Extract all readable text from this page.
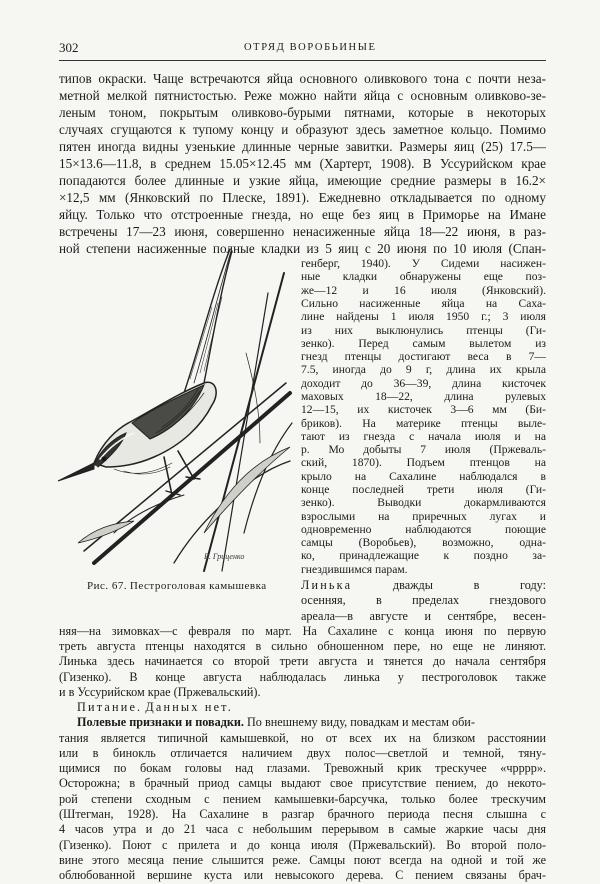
302	ОТРЯД ВОРОБЬИНЫЕ
типов окраски. Чаще встречаются яйца основного оливкового тона с почти неза-
метной мелкой пятнистостью. Реже можно найти яйца с основным оливково-зе-
леным тоном, покрытым оливково-бурыми пятнами, которые в некоторых
случаях сгущаются к тупому концу и образуют здесь заметное кольцо. Помимо
пятен иногда видны узенькие длинные черные завитки. Размеры яиц (25) 17.5—
15×13.6—11.8, в среднем 15.05×12.45 мм (Хартерт, 1908). В Уссурийском крае
попадаются более длинные и узкие яйца, имеющие средние размеры в 16.2×
×12,5 мм (Янковский по Плеске, 1891). Ежедневно откладывается по одному
яйцу. Только что отстроенные гнезда, но еще без яиц в Приморье на Имане
встречены 17—23 июня, совершенно ненасиженные яйца 18—22 июня, в раз-
ной степени насиженные полные кладки из 5 яиц с 20 июня по 10 июля (Спан-
генберг, 1940). У Сидеми насижен-
ные кладки обнаружены еще поз-
же—12 и 16 июля (Янковский).
Сильно насиженные яйца на Саха-
лине найдены 1 июля 1950 г.; 3 июля
из них выклюнулись птенцы (Ги-
зенко). Перед самым вылетом из
гнезд птенцы достигают веса в 7—
7.5, иногда до 9 г, длина их крыла
доходит до 36—39, длина кисточек
маховых 18—22, длина рулевых
12—15, их кисточек 3—6 мм (Би-
бриков). На материке птенцы выле-
тают из гнезда с начала июля и на
р. Мо добыты 7 июля (Пржеваль-
ский, 1870). Подъем птенцов на
крыло на Сахалине наблюдался в
конце последней трети июля (Ги-
зенко). Выводки докармливаются
взрослыми на приречных лугах и
одновременно наблюдаются поющие
самцы (Воробьев), возможно, одна-
ко, принадлежащие к поздно за-
гнездившимся парам.
В. Гриценко
Рис. 67. Пестроголовая камышевка	Линька	дважды в году:
осенняя, в пределах гнездового
ареала—в августе и сентябре, весен-
няя—на зимовках—с февраля по март. На Сахалине с конца июня по первую
треть августа птенцы находятся в сильно обношенном пере, но еще не линяют.
Линька здесь начинается со второй трети августа и тянется до начала сентября
(Гизенко). В конце августа наблюдалась линька у пестроголовок также
и в Уссурийском крае (Пржевальский).
Питание. Данных нет.
Полевые признаки и повадки. По внешнему виду, повадкам и местам оби-
тания является типичной камышевкой, но от всех их на близком расстоянии
или в бинокль отличается наличием двух полос—светлой и темной, тяну-
щимися по бокам головы над глазами. Тревожный крик трескучее «чрррр».
Осторожна; в брачный приод самцы выдают свое присутствие пением, до некото-
рой степени сходным с пением камышевки-барсучка, только более трескучим
(Штегман, 1928). На Сахалине в разгар брачного периода песня слышна с
4 часов утра и до 21 часа с небольшим перерывом в самые жаркие часы дня
(Гизенко). Поют с прилета и до конца июля (Пржевальский). Во второй поло-
вине этого месяца пение слышится реже. Самцы поют всегда на одной и той же
облюбованной вершине куста или невысокого дерева. С пением связаны брач-
